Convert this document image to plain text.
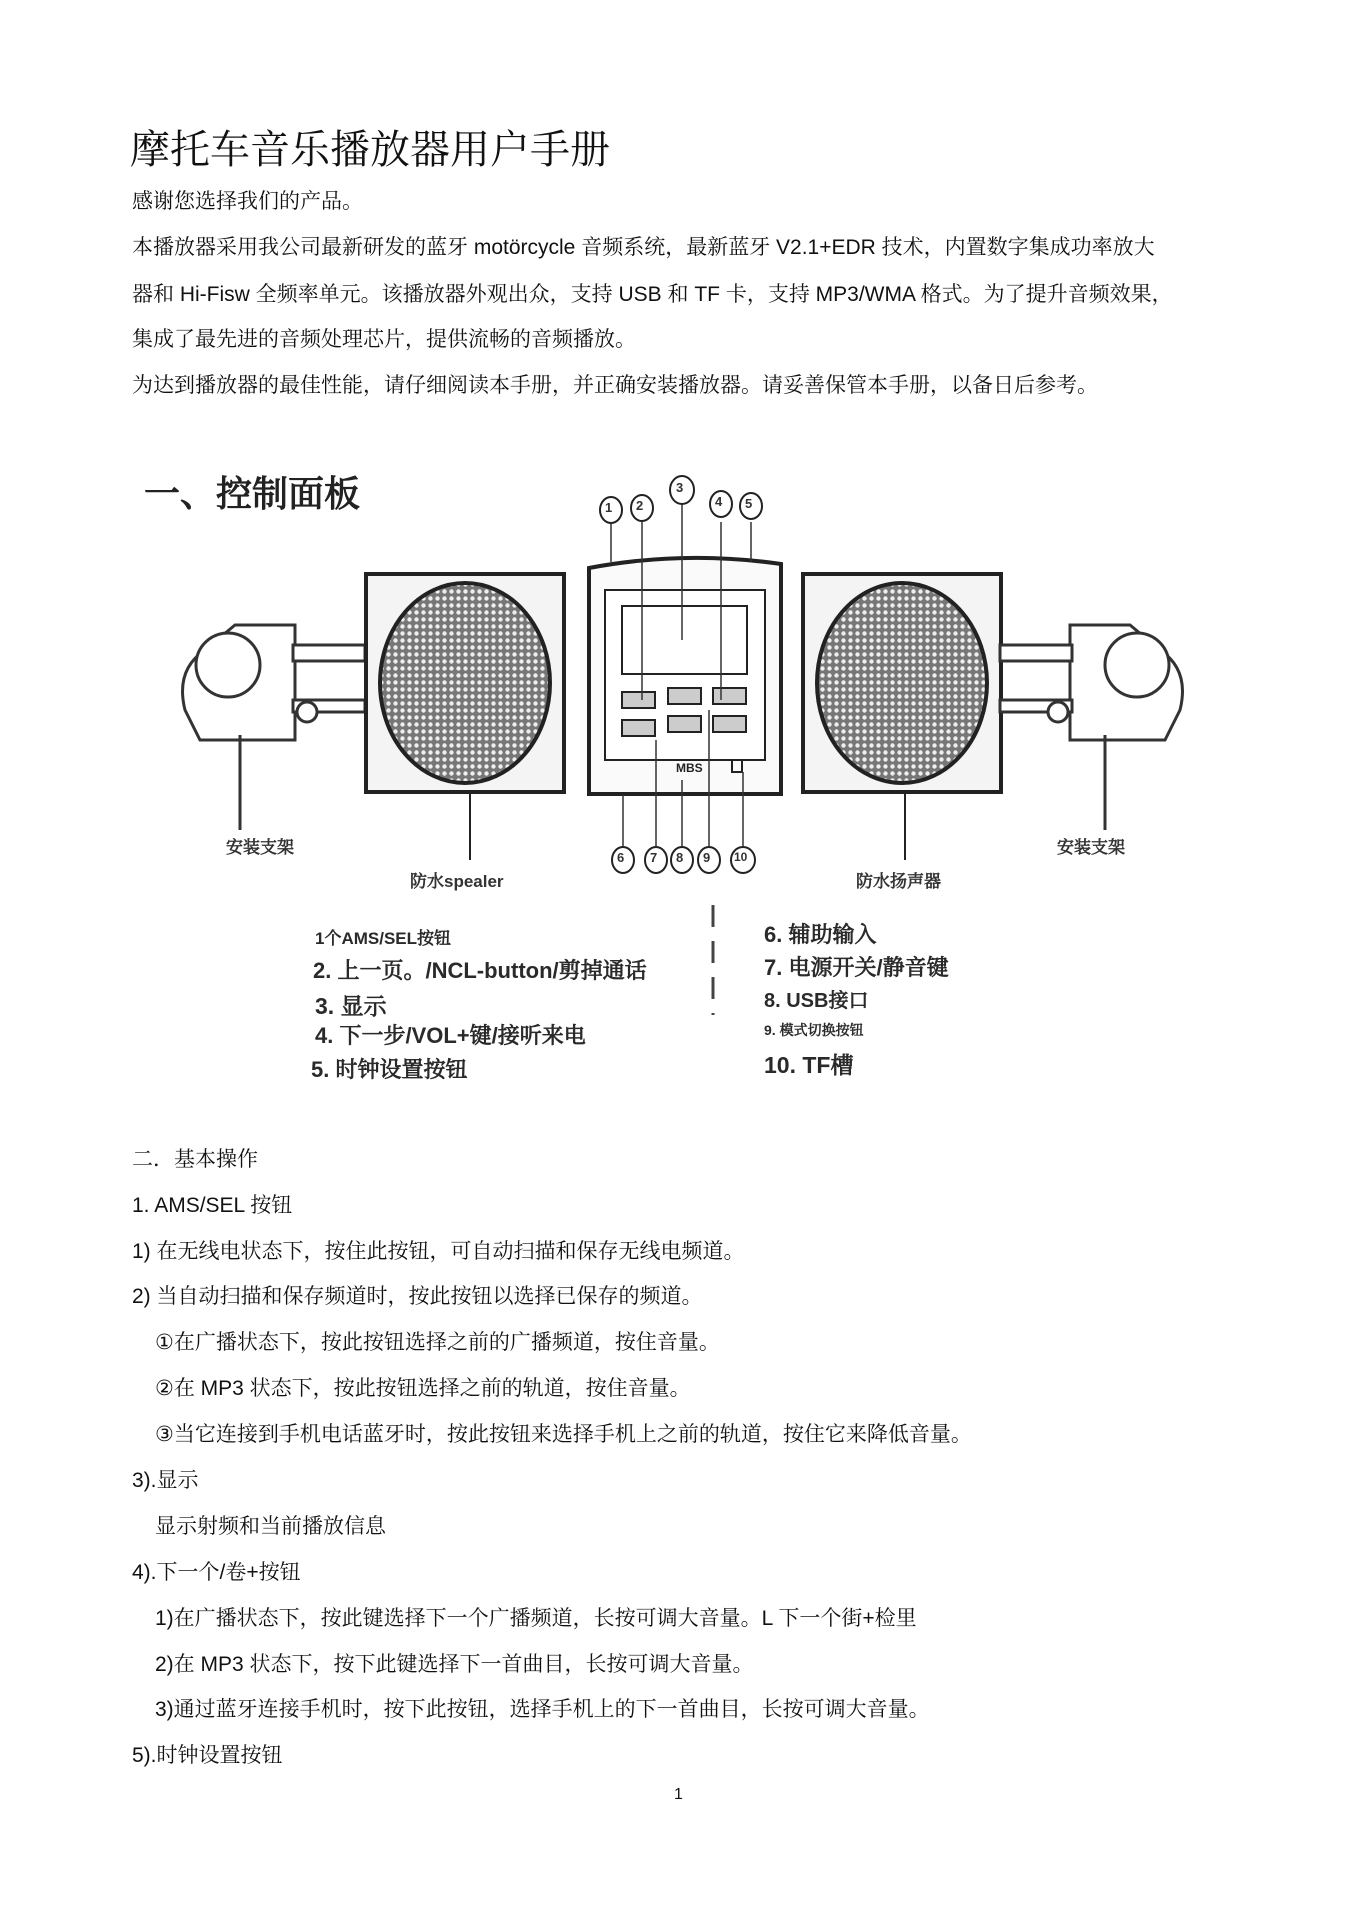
摩托车音乐播放器用户手册
感谢您选择我们的产品。
本播放器采用我公司最新研发的蓝牙 motörcycle 音频系统，最新蓝牙 V2.1+EDR 技术，内置数字集成功率放大
器和 Hi-Fisw 全频率单元。该播放器外观出众，支持 USB 和 TF 卡，支持 MP3/WMA 格式。为了提升音频效果，
集成了最先进的音频处理芯片，提供流畅的音频播放。
为达到播放器的最佳性能，请仔细阅读本手册，并正确安装播放器。请妥善保管本手册，以备日后参考。
MBS
一、控制面板	1 2
3
4 5
6 7 8 9 10
安装支架
防水spealer	防水扬声器
安装支架
1个AMS/SEL按钮
2. 上一页。/NCL-button/剪掉通话
3. 显示
4. 下一步/VOL+键/接听来电
5. 时钟设置按钮
6. 辅助输入
7. 电源开关/静音键
8. USB接口
9. 模式切换按钮
10. TF槽
二．基本操作
1. AMS/SEL 按钮
1) 在无线电状态下，按住此按钮，可自动扫描和保存无线电频道。
2) 当自动扫描和保存频道时，按此按钮以选择已保存的频道。
①在广播状态下，按此按钮选择之前的广播频道，按住音量。
②在 MP3 状态下，按此按钮选择之前的轨道，按住音量。
③当它连接到手机电话蓝牙时，按此按钮来选择手机上之前的轨道，按住它来降低音量。
3).显示
显示射频和当前播放信息
4).下一个/卷+按钮
1)在广播状态下，按此键选择下一个广播频道，长按可调大音量。L 下一个街+检里
2)在 MP3 状态下，按下此键选择下一首曲目，长按可调大音量。
3)通过蓝牙连接手机时，按下此按钮，选择手机上的下一首曲目，长按可调大音量。
5).时钟设置按钮
1
